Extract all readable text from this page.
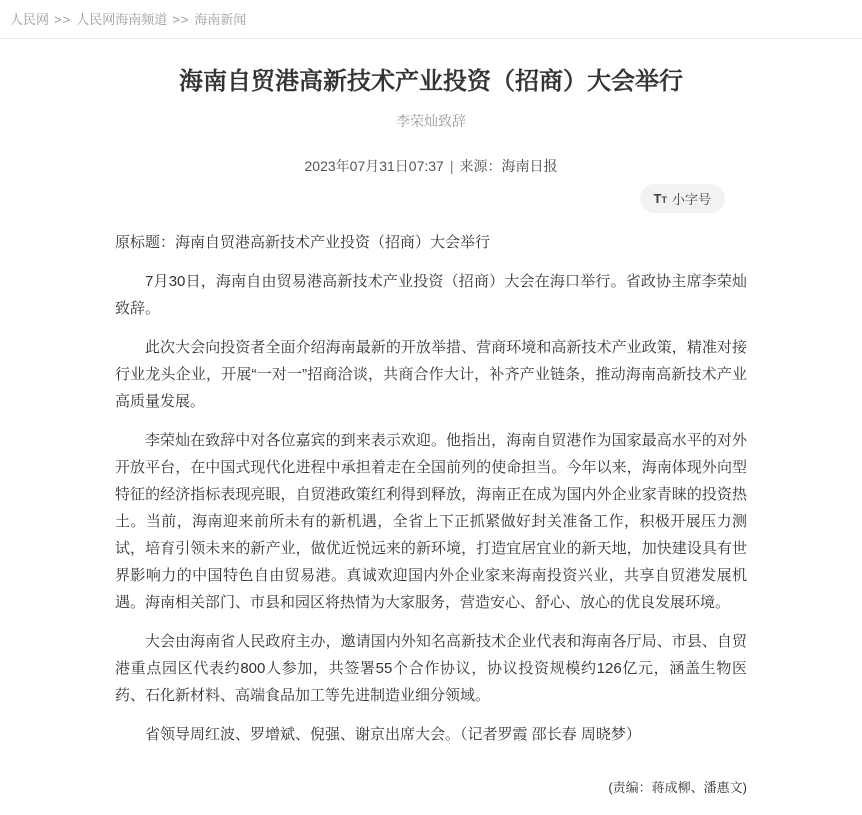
人民网 >> 人民网海南频道 >> 海南新闻
海南自贸港高新技术产业投资（招商）大会举行
李荣灿致辞
2023年07月31日07:37 | 来源：海南日报
TT 小字号

原标题：海南自贸港高新技术产业投资（招商）大会举行

7月30日，海南自由贸易港高新技术产业投资（招商）大会在海口举行。省政协主席李荣灿致辞。

此次大会向投资者全面介绍海南最新的开放举措、营商环境和高新技术产业政策，精准对接行业龙头企业，开展“一对一”招商洽谈，共商合作大计，补齐产业链条，推动海南高新技术产业高质量发展。

李荣灿在致辞中对各位嘉宾的到来表示欢迎。他指出，海南自贸港作为国家最高水平的对外开放平台，在中国式现代化进程中承担着走在全国前列的使命担当。今年以来，海南体现外向型特征的经济指标表现亮眼，自贸港政策红利得到释放，海南正在成为国内外企业家青睐的投资热土。当前，海南迎来前所未有的新机遇，全省上下正抓紧做好封关准备工作，积极开展压力测试，培育引领未来的新产业，做优近悦远来的新环境，打造宜居宜业的新天地，加快建设具有世界影响力的中国特色自由贸易港。真诚欢迎国内外企业家来海南投资兴业，共享自贸港发展机遇。海南相关部门、市县和园区将热情为大家服务，营造安心、舒心、放心的优良发展环境。

大会由海南省人民政府主办，邀请国内外知名高新技术企业代表和海南各厅局、市县、自贸港重点园区代表约800人参加，共签署55个合作协议，协议投资规模约126亿元，涵盖生物医药、石化新材料、高端食品加工等先进制造业细分领域。

省领导周红波、罗增斌、倪强、谢京出席大会。（记者罗霞 邵长春 周晓梦）

(责编：蒋成柳、潘惠文)
